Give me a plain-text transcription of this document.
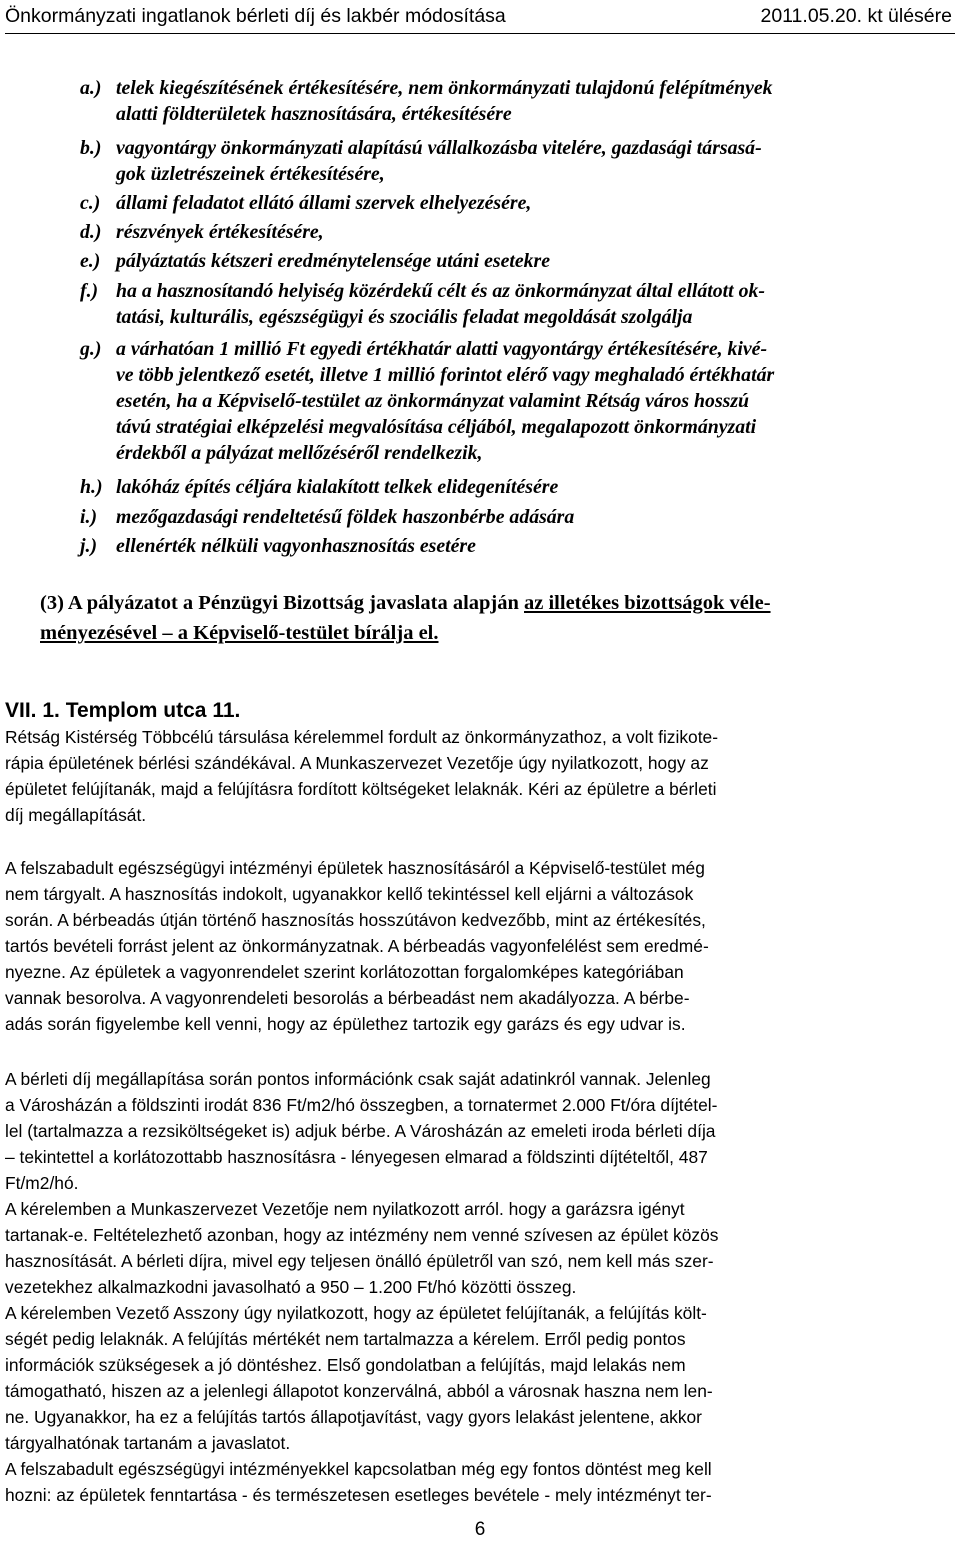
Önkormányzati ingatlanok bérleti díj és lakbér módosítása	2011.05.20. kt ülésére
a.) telek kiegészítésének értékesítésére, nem önkormányzati tulajdonú felépítmények
alatti földterületek hasznosítására, értékesítésére
b.) vagyontárgy önkormányzati alapítású vállalkozásba vitelére, gazdasági társasá-
gok üzletrészeinek értékesítésére,
c.) állami feladatot ellátó állami szervek elhelyezésére,
d.) részvények értékesítésére,
e.) pályáztatás kétszeri eredménytelensége utáni esetekre
f.) ha a hasznosítandó helyiség közérdekű célt és az önkormányzat által ellátott ok-
tatási, kulturális, egészségügyi és szociális feladat megoldását szolgálja
g.) a várhatóan 1 millió Ft egyedi értékhatár alatti vagyontárgy értékesítésére, kivé-
ve több jelentkező esetét, illetve 1 millió forintot elérő vagy meghaladó értékhatár
esetén, ha a Képviselő-testület az önkormányzat valamint Rétság város hosszú
távú stratégiai elképzelési megvalósítása céljából, megalapozott önkormányzati
érdekből a pályázat mellőzéséről rendelkezik,
h.) lakóház építés céljára kialakított telkek elidegenítésére
i.) mezőgazdasági rendeltetésű földek haszonbérbe adására
j.) ellenérték nélküli vagyonhasznosítás esetére
(3) A pályázatot a Pénzügyi Bizottság javaslata alapján az illetékes bizottságok véle-
ményezésével – a Képviselő-testület bírálja el.
VII. 1. Templom utca 11.
Rétság Kistérség Többcélú társulása kérelemmel fordult az önkormányzathoz, a volt fizikote-
rápia épületének bérlési szándékával. A Munkaszervezet Vezetője úgy nyilatkozott, hogy az
épületet felújítanák, majd a felújításra fordított költségeket lelaknák. Kéri az épületre a bérleti
díj megállapítását.
A felszabadult egészségügyi intézményi épületek hasznosításáról a Képviselő-testület még
nem tárgyalt. A hasznosítás indokolt, ugyanakkor kellő tekintéssel kell eljárni a változások
során. A bérbeadás útján történő hasznosítás hosszútávon kedvezőbb, mint az értékesítés,
tartós bevételi forrást jelent az önkormányzatnak. A bérbeadás vagyonfelélést sem eredmé-
nyezne. Az épületek a vagyonrendelet szerint korlátozottan forgalomképes kategóriában
vannak besorolva. A vagyonrendeleti besorolás a bérbeadást nem akadályozza. A bérbe-
adás során figyelembe kell venni, hogy az épülethez tartozik egy garázs és egy udvar is.
A bérleti díj megállapítása során pontos információnk csak saját adatinkról vannak. Jelenleg
a Városházán a földszinti irodát 836 Ft/m2/hó összegben, a tornatermet 2.000 Ft/óra díjtétel-
lel (tartalmazza a rezsiköltségeket is) adjuk bérbe. A Városházán az emeleti iroda bérleti díja
– tekintettel a korlátozottabb hasznosításra - lényegesen elmarad a földszinti díjtételtől, 487
Ft/m2/hó.
A kérelemben a Munkaszervezet Vezetője nem nyilatkozott arról. hogy a garázsra igényt
tartanak-e. Feltételezhető azonban, hogy az intézmény nem venné szívesen az épület közös
hasznosítását. A bérleti díjra, mivel egy teljesen önálló épületről van szó, nem kell más szer-
vezetekhez alkalmazkodni javasolható a 950 – 1.200 Ft/hó közötti összeg.
A kérelemben Vezető Asszony úgy nyilatkozott, hogy az épületet felújítanák, a felújítás költ-
ségét pedig lelaknák. A felújítás mértékét nem tartalmazza a kérelem. Erről pedig pontos
információk szükségesek a jó döntéshez. Első gondolatban a felújítás, majd lelakás nem
támogatható, hiszen az a jelenlegi állapotot konzerválná, abból a városnak haszna nem len-
ne. Ugyanakkor, ha ez a felújítás tartós állapotjavítást, vagy gyors lelakást jelentene, akkor
tárgyalhatónak tartanám a javaslatot.
A felszabadult egészségügyi intézményekkel kapcsolatban még egy fontos döntést meg kell
hozni: az épületek fenntartása - és természetesen esetleges bevétele - mely intézményt ter-
6
